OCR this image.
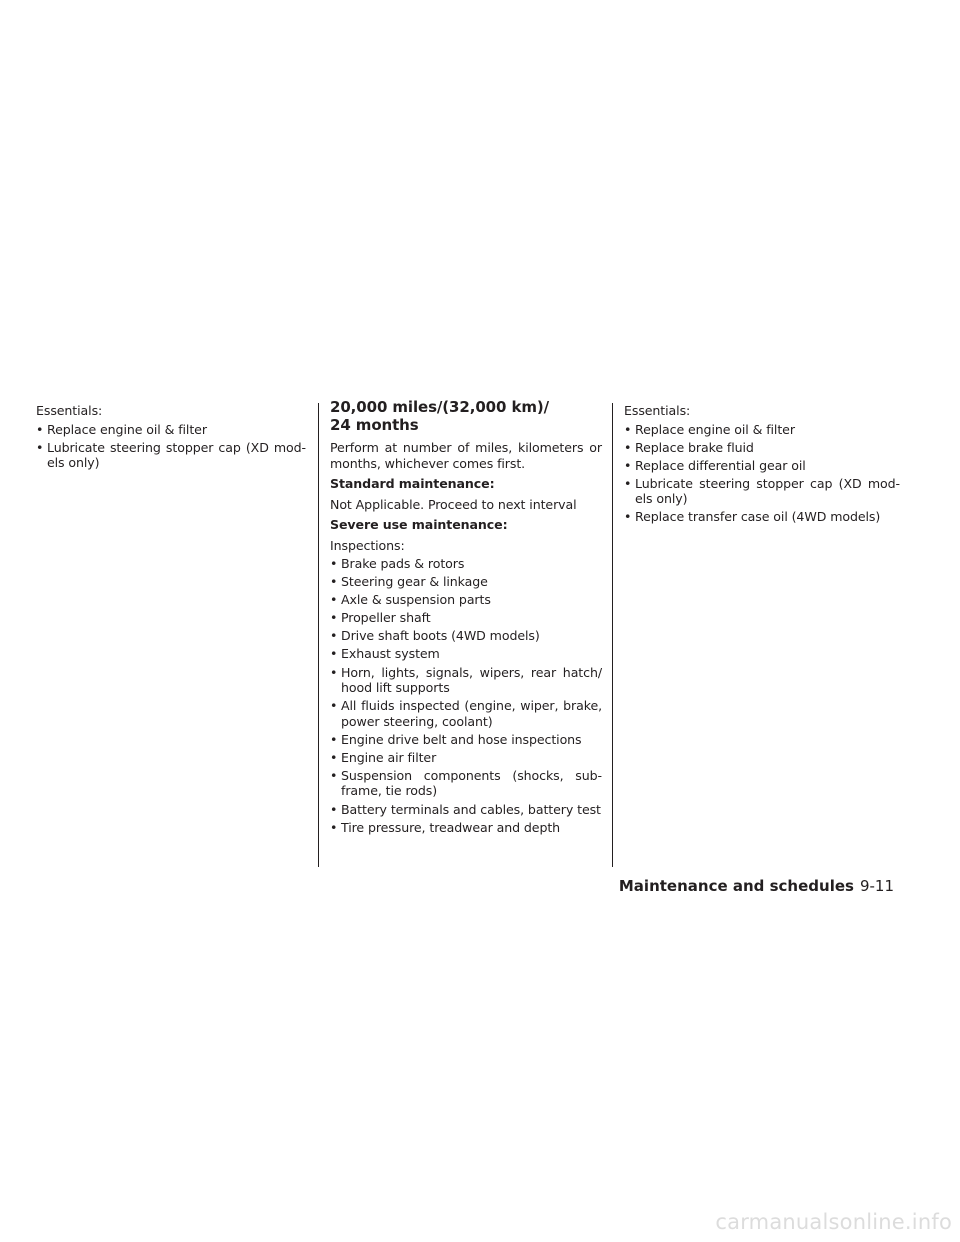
Essentials:

• Replace engine oil & filter
• Lubricate steering stopper cap (XD mod-els only)
20,000 miles/(32,000 km)/
24 months

Perform at number of miles, kilometers or months, whichever comes first.

Standard maintenance:

Not Applicable. Proceed to next interval

Severe use maintenance:

Inspections:

• Brake pads & rotors
• Steering gear & linkage
• Axle & suspension parts
• Propeller shaft
• Drive shaft boots (4WD models)
• Exhaust system
• Horn, lights, signals, wipers, rear hatch/ hood lift supports
• All fluids inspected (engine, wiper, brake, power steering, coolant)
• Engine drive belt and hose inspections
• Engine air filter
• Suspension components (shocks, sub-frame, tie rods)
• Battery terminals and cables, battery test
• Tire pressure, treadwear and depth

Essentials:

• Replace engine oil & filter
• Replace brake fluid
• Replace differential gear oil
• Lubricate steering stopper cap (XD mod-els only)
• Replace transfer case oil (4WD models)
Maintenance and schedules 9-11
carmanualsonline.info
